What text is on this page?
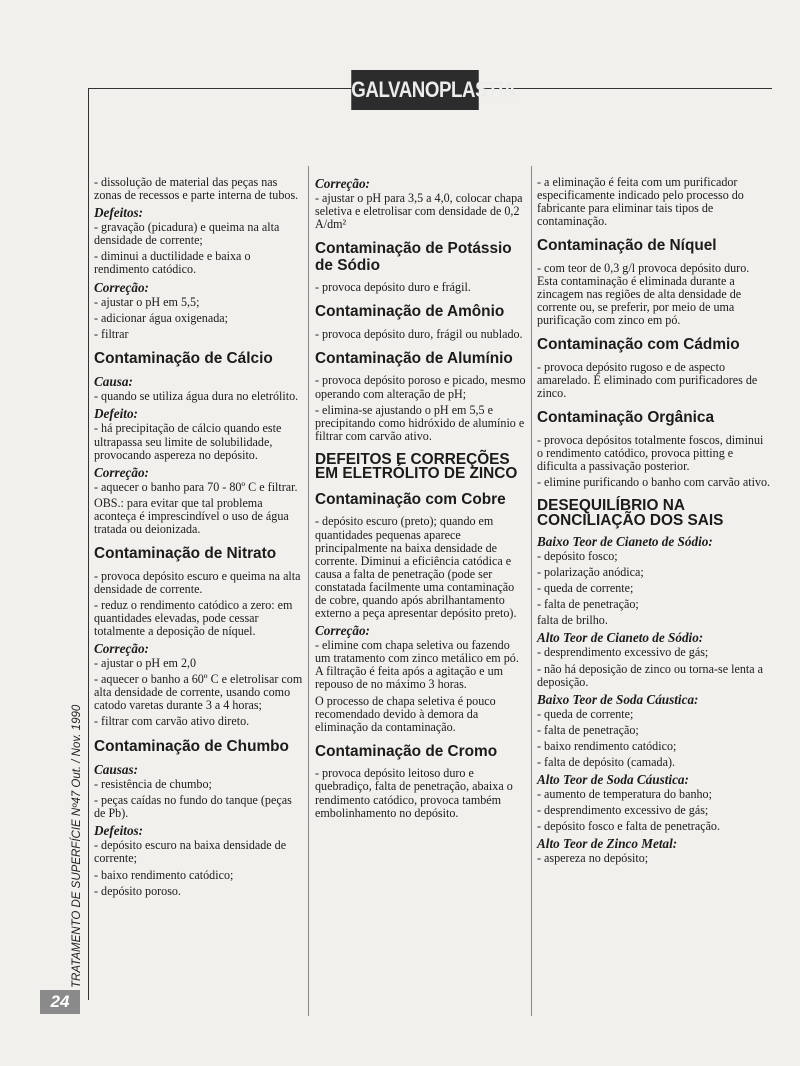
GALVANOPLASTIA
TRATAMENTO DE SUPERFÍCIE Nº47 Out. / Nov. 1990
24
- dissolução de material das peças nas zonas de recessos e parte interna de tubos.
Defeitos:
- gravação (picadura) e queima na alta densidade de corrente;
- diminui a ductilidade e baixa o rendimento catódico.
Correção:
- ajustar o pH em 5,5;
- adicionar água oxigenada;
- filtrar
Contaminação de Cálcio
Causa:
- quando se utiliza água dura no eletrólito.
Defeito:
- há precipitação de cálcio quando este ultrapassa seu limite de solubilidade, provocando aspereza no depósito.
Correção:
- aquecer o banho para 70 - 80º C e filtrar.
OBS.: para evitar que tal problema aconteça é imprescindível o uso de água tratada ou deionizada.
Contaminação de Nitrato
- provoca depósito escuro e queima na alta densidade de corrente.
- reduz o rendimento catódico a zero: em quantidades elevadas, pode cessar totalmente a deposição de níquel.
Correção:
- ajustar o pH em 2,0
- aquecer o banho a 60º C e eletrolisar com alta densidade de corrente, usando como catodo varetas durante 3 a 4 horas;
- filtrar com carvão ativo direto.
Contaminação de Chumbo
Causas:
- resistência de chumbo;
- peças caídas no fundo do tanque (peças de Pb).
Defeitos:
- depósito escuro na baixa densidade de corrente;
- baixo rendimento catódico;
- depósito poroso.
Correção:
- ajustar o pH para 3,5 a 4,0, colocar chapa seletiva e eletrolisar com densidade de 0,2 A/dm²
Contaminação de Potássio de Sódio
- provoca depósito duro e frágil.
Contaminação de Amônio
- provoca depósito duro, frágil ou nublado.
Contaminação de Alumínio
- provoca depósito poroso e picado, mesmo operando com alteração de pH;
- elimina-se ajustando o pH em 5,5 e precipitando como hidróxido de alumínio e filtrar com carvão ativo.
DEFEITOS E CORREÇÕES EM ELETRÓLITO DE ZINCO
Contaminação com Cobre
- depósito escuro (preto); quando em quantidades pequenas aparece principalmente na baixa densidade de corrente. Diminui a eficiência catódica e causa a falta de penetração (pode ser constatada facilmente uma contaminação de cobre, quando após abrilhantamento externo a peça apresentar depósito preto).
Correção:
- elimine com chapa seletiva ou fazendo um tratamento com zinco metálico em pó. A filtração é feita após a agitação e um repouso de no máximo 3 horas.
O processo de chapa seletiva é pouco recomendado devido à demora da eliminação da contaminação.
Contaminação de Cromo
- provoca depósito leitoso duro e quebradiço, falta de penetração, abaixa o rendimento catódico, provoca também embolinhamento no depósito.
- a eliminação é feita com um purificador especificamente indicado pelo processo do fabricante para eliminar tais tipos de contaminação.
Contaminação de Níquel
- com teor de 0,3 g/l provoca depósito duro. Esta contaminação é eliminada durante a zincagem nas regiões de alta densidade de corrente ou, se preferir, por meio de uma purificação com zinco em pó.
Contaminação com Cádmio
- provoca depósito rugoso e de aspecto amarelado. É eliminado com purificadores de zinco.
Contaminação Orgânica
- provoca depósitos totalmente foscos, diminui o rendimento catódico, provoca pitting e dificulta a passivação posterior.
- elimine purificando o banho com carvão ativo.
DESEQUILÍBRIO NA CONCILIAÇÃO DOS SAIS
Baixo Teor de Cianeto de Sódio:
- depósito fosco;
- polarização anódica;
- queda de corrente;
- falta de penetração;
falta de brilho.
Alto Teor de Cianeto de Sódio:
- desprendimento excessivo de gás;
- não há deposição de zinco ou torna-se lenta a deposição.
Baixo Teor de Soda Cáustica:
- queda de corrente;
- falta de penetração;
- baixo rendimento catódico;
- falta de depósito (camada).
Alto Teor de Soda Cáustica:
- aumento de temperatura do banho;
- desprendimento excessivo de gás;
- depósito fosco e falta de penetração.
Alto Teor de Zinco Metal:
- aspereza no depósito;
